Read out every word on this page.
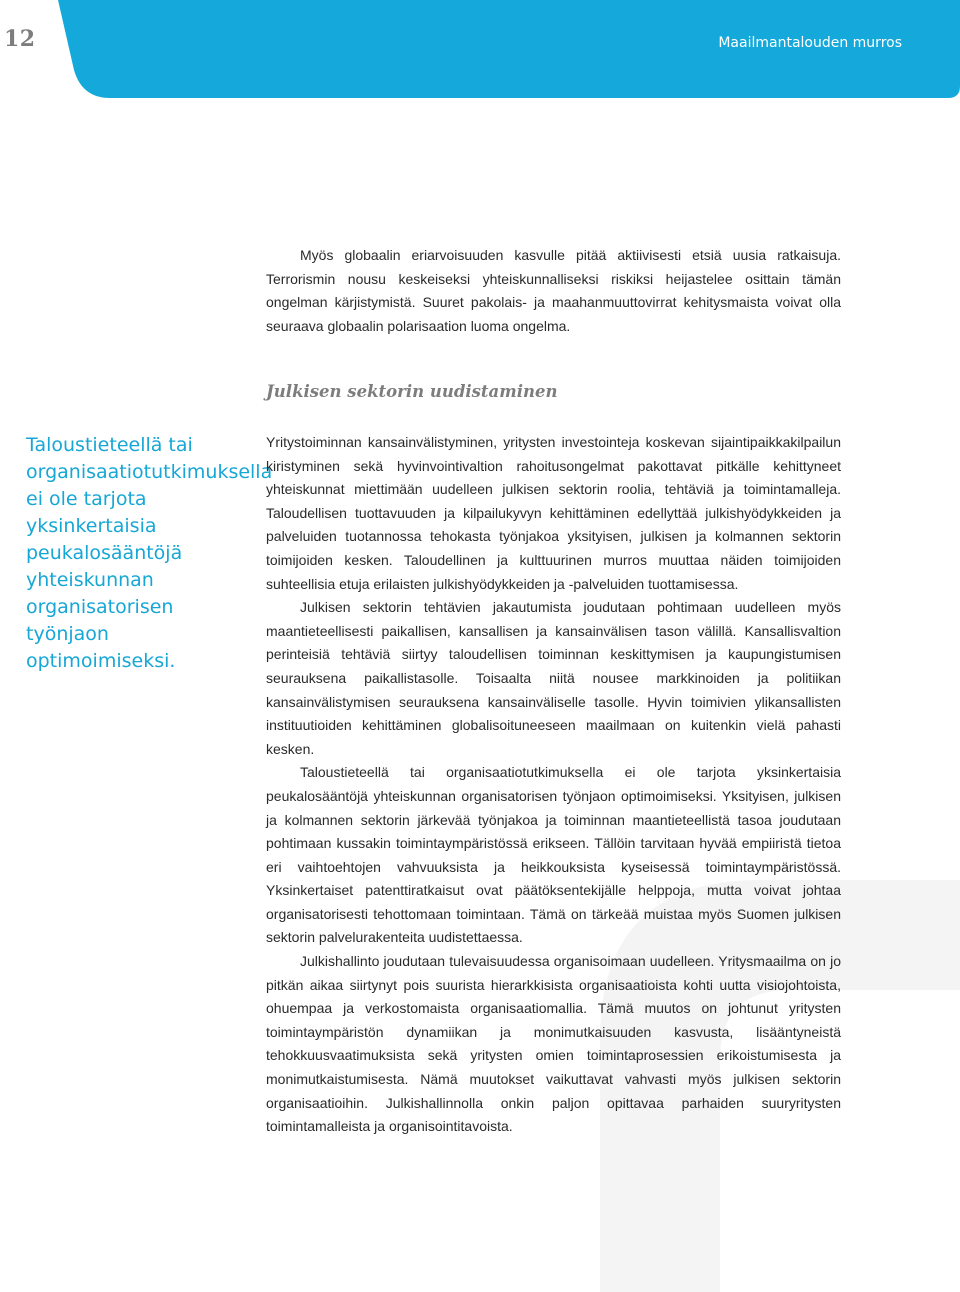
12	Maailmantalouden murros

Myös globaalin eriarvoisuuden kasvulle pitää aktiivisesti etsiä uusia ratkaisuja. Terrorismin nousu keskeiseksi yhteiskunnalliseksi riskiksi heijastelee osittain tämän ongelman kärjistymistä. Suuret pakolais- ja maahanmuuttovirrat kehitysmaista voivat olla seuraava globaalin polarisaation luoma ongelma.

Julkisen sektorin uudistaminen

Taloustieteellä tai organisaatiotutkimuksella ei ole tarjota yksinkertaisia peukalosääntöjä yhteiskunnan organisatorisen työnjaon optimoimiseksi.

Yritystoiminnan kansainvälistyminen, yritysten investointeja koskevan sijaintipaikkakilpailun kiristyminen sekä hyvinvointivaltion rahoitusongelmat pakottavat pitkälle kehittyneet yhteiskunnat miettimään uudelleen julkisen sektorin roolia, tehtäviä ja toimintamalleja. Taloudellisen tuottavuuden ja kilpailukyvyn kehittäminen edellyttää julkishyödykkeiden ja palveluiden tuotannossa tehokasta työnjakoa yksityisen, julkisen ja kolmannen sektorin toimijoiden kesken. Taloudellinen ja kulttuurinen murros muuttaa näiden toimijoiden suhteellisia etuja erilaisten julkishyödykkeiden ja -palveluiden tuottamisessa.

Julkisen sektorin tehtävien jakautumista joudutaan pohtimaan uudelleen myös maantieteellisesti paikallisen, kansallisen ja kansainvälisen tason välillä. Kansallisvaltion perinteisiä tehtäviä siirtyy taloudellisen toiminnan keskittymisen ja kaupungistumisen seurauksena paikallistasolle. Toisaalta niitä nousee markkinoiden ja politiikan kansainvälistymisen seurauksena kansainväliselle tasolle. Hyvin toimivien ylikansallisten instituutioiden kehittäminen globalisoituneeseen maailmaan on kuitenkin vielä pahasti kesken.

Taloustieteellä tai organisaatiotutkimuksella ei ole tarjota yksinkertaisia peukalosääntöjä yhteiskunnan organisatorisen työnjaon optimoimiseksi. Yksityisen, julkisen ja kolmannen sektorin järkevää työnjakoa ja toiminnan maantieteellistä tasoa joudutaan pohtimaan kussakin toimintaympäristössä erikseen. Tällöin tarvitaan hyvää empiiristä tietoa eri vaihtoehtojen vahvuuksista ja heikkouksista kyseisessä toimintaympäristössä. Yksinkertaiset patenttiratkaisut ovat päätöksentekijälle helppoja, mutta voivat johtaa organisatorisesti tehottomaan toimintaan. Tämä on tärkeää muistaa myös Suomen julkisen sektorin palvelurakenteita uudistettaessa.

Julkishallinto joudutaan tulevaisuudessa organisoimaan uudelleen. Yritysmaailma on jo pitkän aikaa siirtynyt pois suurista hierarkkisista organisaatioista kohti uutta visiojohtoista, ohuempaa ja verkostomaista organisaatiomallia. Tämä muutos on johtunut yritysten toimintaympäristön dynamiikan ja monimutkaisuuden kasvusta, lisääntyneistä tehokkuusvaatimuksista sekä yritysten omien toimintaprosessien erikoistumisesta ja monimutkaistumisesta. Nämä muutokset vaikuttavat vahvasti myös julkisen sektorin organisaatioihin. Julkishallinnolla onkin paljon opittavaa parhaiden suuryritysten toimintamalleista ja organisointitavoista.
